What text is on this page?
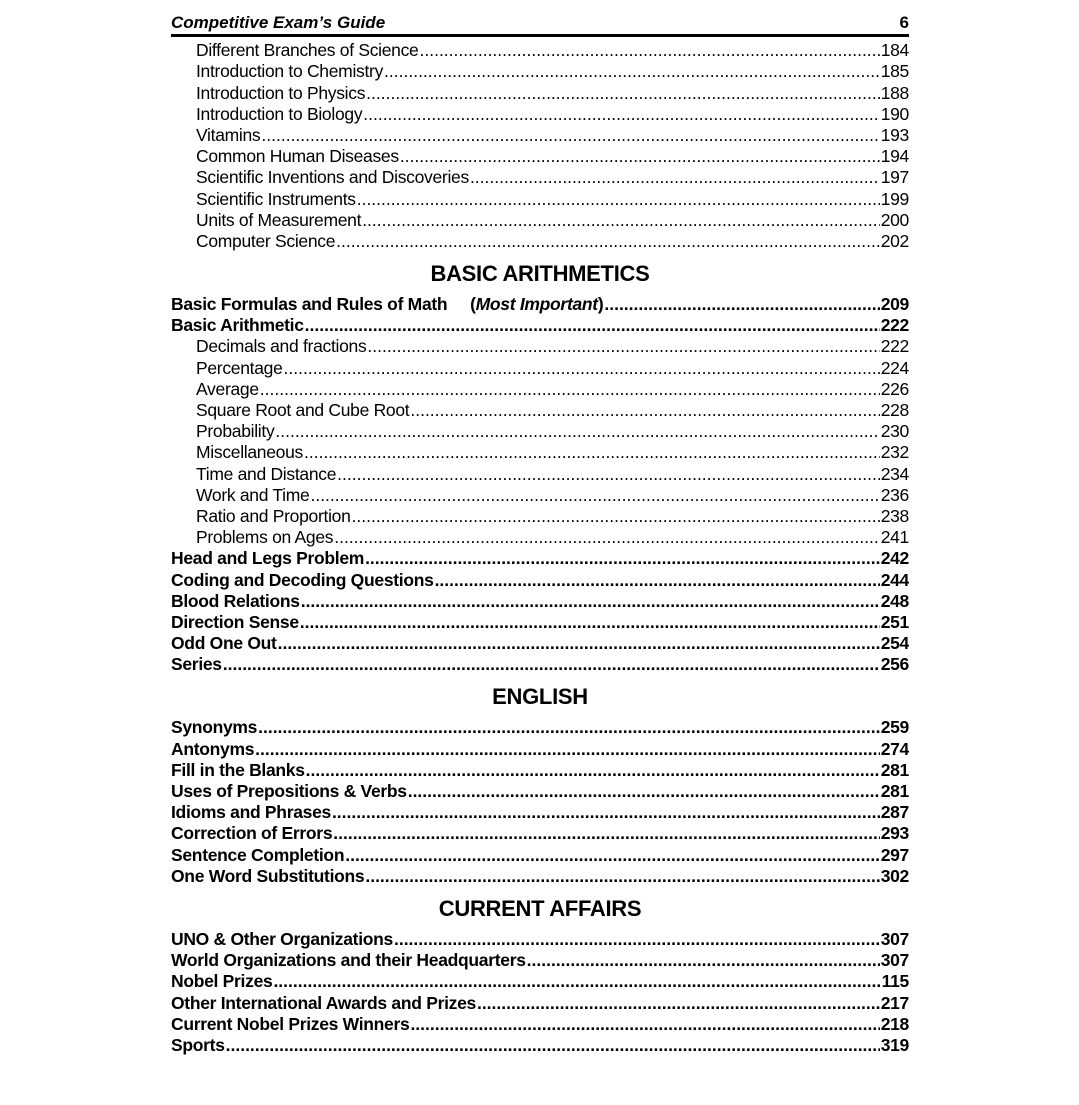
Competitive Exam’s Guide	6
Different Branches of Science .....	184
Introduction to Chemistry .....	185
Introduction to Physics .....	188
Introduction to Biology .....	190
Vitamins .....	193
Common Human Diseases .....	194
Scientific Inventions and Discoveries .....	197
Scientific Instruments .....	199
Units of Measurement .....	200
Computer Science .....	202
BASIC ARITHMETICS
Basic Formulas and Rules of Math     (Most Important) .....	209
Basic Arithmetic .....	222
Decimals and fractions .....	222
Percentage .....	224
Average .....	226
Square Root and Cube Root .....	228
Probability .....	230
Miscellaneous .....	232
Time and Distance .....	234
Work and Time .....	236
Ratio and Proportion .....	238
Problems on Ages .....	241
Head and Legs Problem .....	242
Coding and Decoding Questions .....	244
Blood Relations .....	248
Direction Sense .....	251
Odd One Out .....	254
Series .....	256
ENGLISH
Synonyms .....	259
Antonyms .....	274
Fill in the Blanks .....	281
Uses of Prepositions & Verbs .....	281
Idioms and Phrases .....	287
Correction of Errors .....	293
Sentence Completion .....	297
One Word Substitutions .....	302
CURRENT AFFAIRS
UNO & Other Organizations .....	307
World Organizations and their Headquarters .....	307
Nobel Prizes .....	115
Other International Awards and Prizes .....	217
Current Nobel Prizes Winners .....	218
Sports .....	319
